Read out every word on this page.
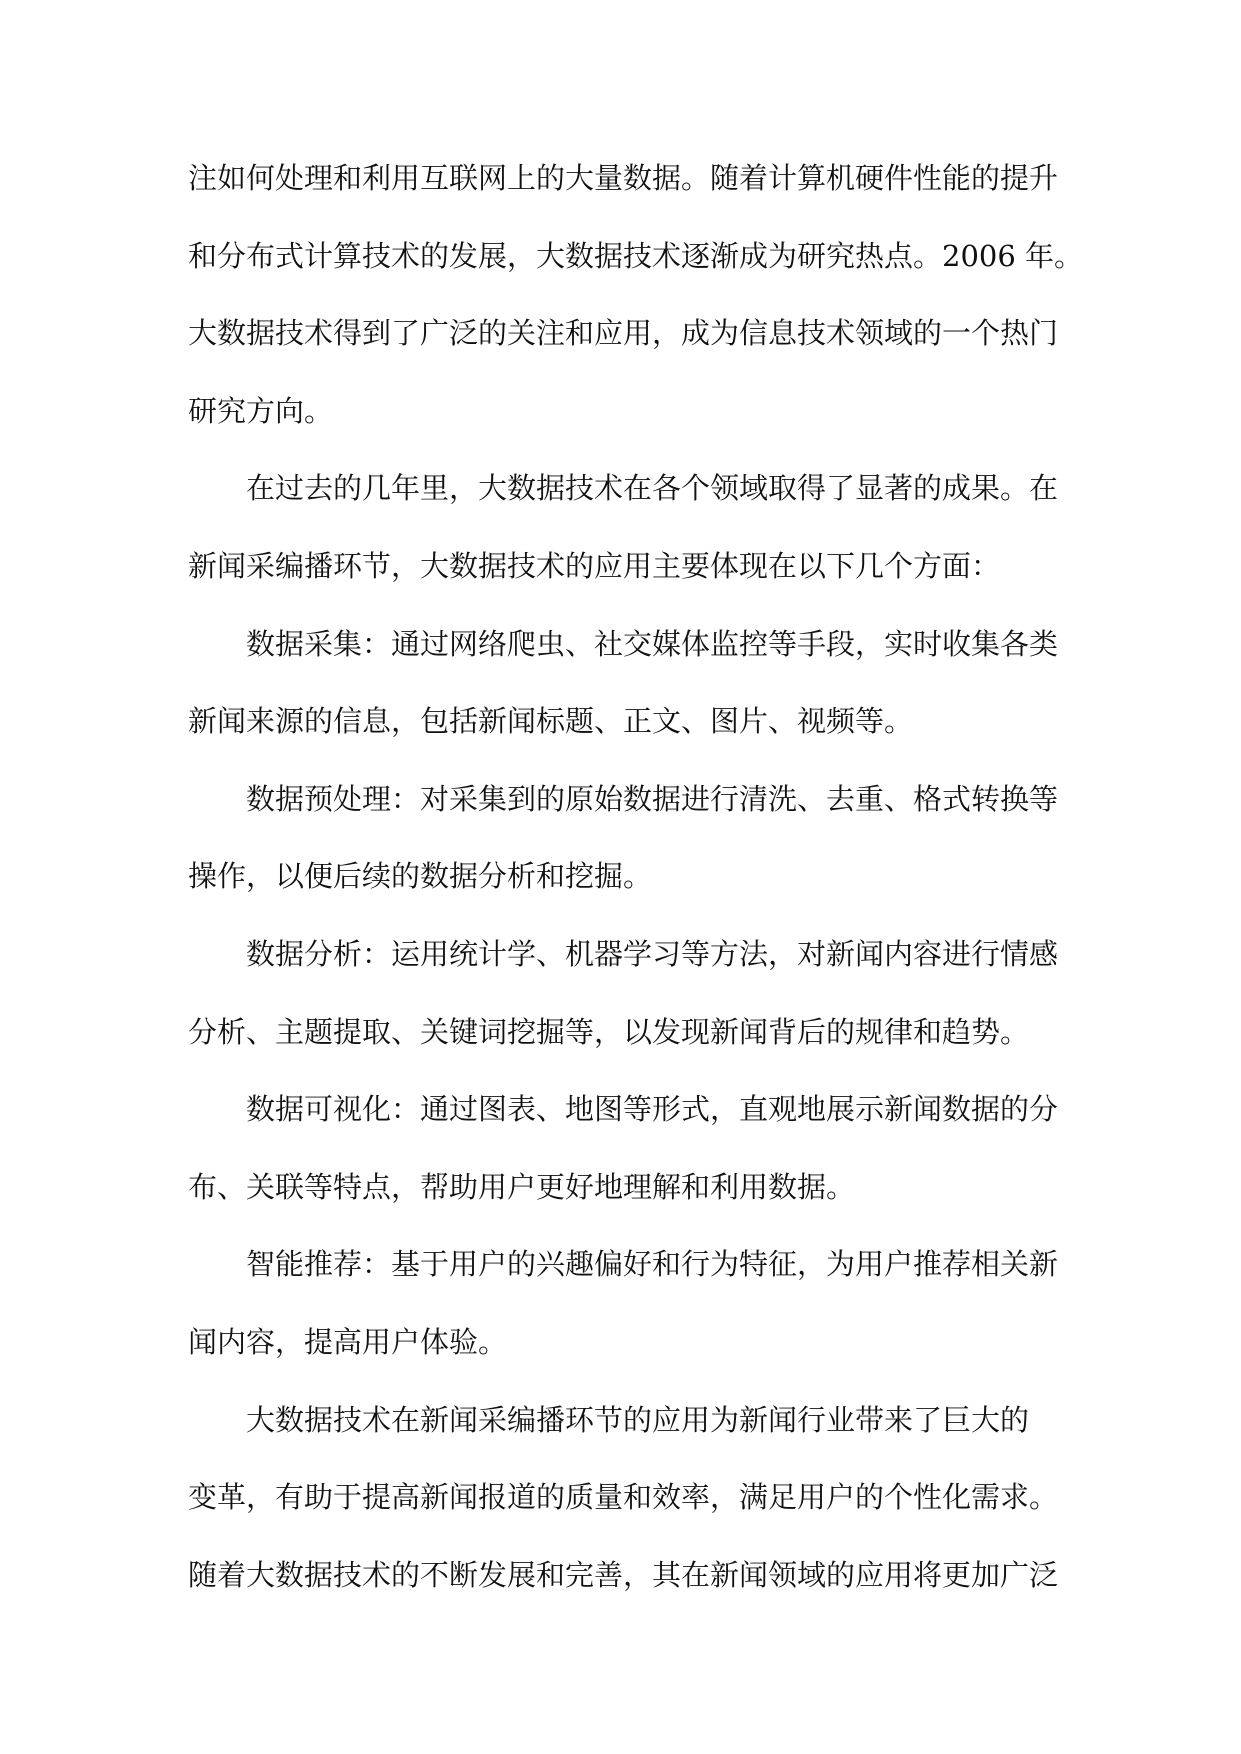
注如何处理和利用互联网上的大量数据。随着计算机硬件性能的提升
和分布式计算技术的发展，大数据技术逐渐成为研究热点。2006 年。
大数据技术得到了广泛的关注和应用，成为信息技术领域的一个热门
研究方向。
在过去的几年里，大数据技术在各个领域取得了显著的成果。在
新闻采编播环节，大数据技术的应用主要体现在以下几个方面：
数据采集：通过网络爬虫、社交媒体监控等手段，实时收集各类
新闻来源的信息，包括新闻标题、正文、图片、视频等。
数据预处理：对采集到的原始数据进行清洗、去重、格式转换等
操作，以便后续的数据分析和挖掘。
数据分析：运用统计学、机器学习等方法，对新闻内容进行情感
分析、主题提取、关键词挖掘等，以发现新闻背后的规律和趋势。
数据可视化：通过图表、地图等形式，直观地展示新闻数据的分
布、关联等特点，帮助用户更好地理解和利用数据。
智能推荐：基于用户的兴趣偏好和行为特征，为用户推荐相关新
闻内容，提高用户体验。
大数据技术在新闻采编播环节的应用为新闻行业带来了巨大的
变革，有助于提高新闻报道的质量和效率，满足用户的个性化需求。
随着大数据技术的不断发展和完善，其在新闻领域的应用将更加广泛
